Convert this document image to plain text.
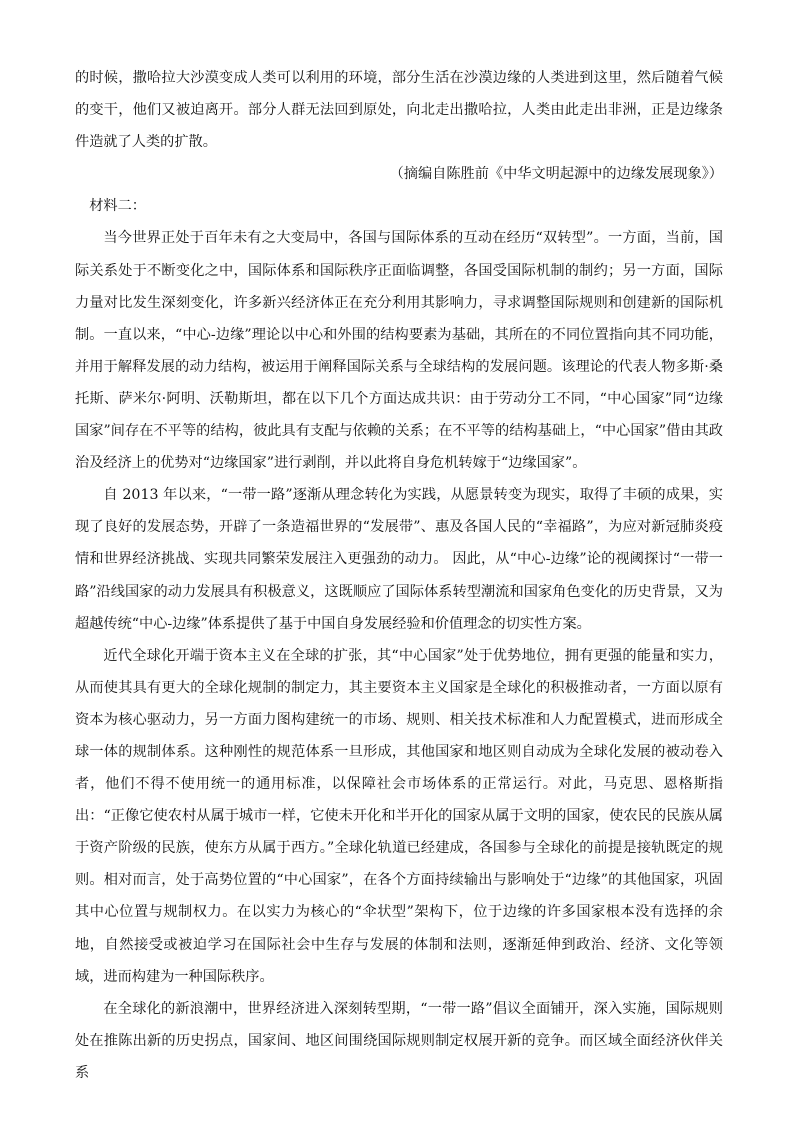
的时候，撒哈拉大沙漠变成人类可以利用的环境，部分生活在沙漠边缘的人类进到这里，然后随着气候的变干，他们又被迫离开。部分人群无法回到原处，向北走出撒哈拉，人类由此走出非洲，正是边缘条件造就了人类的扩散。

（摘编自陈胜前《中华文明起源中的边缘发展现象》）

材料二：

当今世界正处于百年未有之大变局中，各国与国际体系的互动在经历“双转型”。一方面，当前，国际关系处于不断变化之中，国际体系和国际秩序正面临调整，各国受国际机制的制约；另一方面，国际力量对比发生深刻变化，许多新兴经济体正在充分利用其影响力，寻求调整国际规则和创建新的国际机制。一直以来，“中心-边缘”理论以中心和外围的结构要素为基础，其所在的不同位置指向其不同功能，并用于解释发展的动力结构，被运用于阐释国际关系与全球结构的发展问题。该理论的代表人物多斯·桑托斯、萨米尔·阿明、沃勒斯坦，都在以下几个方面达成共识：由于劳动分工不同，“中心国家”同“边缘国家”间存在不平等的结构，彼此具有支配与依赖的关系；在不平等的结构基础上，“中心国家”借由其政治及经济上的优势对“边缘国家”进行剥削，并以此将自身危机转嫁于“边缘国家”。

自 2013 年以来，“一带一路”逐渐从理念转化为实践，从愿景转变为现实，取得了丰硕的成果，实现了良好的发展态势，开辟了一条造福世界的“发展带”、惠及各国人民的“幸福路”，为应对新冠肺炎疫情和世界经济挑战、实现共同繁荣发展注入更强劲的动力。 因此，从“中心-边缘”论的视阈探讨“一带一路”沿线国家的动力发展具有积极意义，这既顺应了国际体系转型潮流和国家角色变化的历史背景，又为超越传统“中心-边缘”体系提供了基于中国自身发展经验和价值理念的切实性方案。

近代全球化开端于资本主义在全球的扩张，其“中心国家”处于优势地位，拥有更强的能量和实力，从而使其具有更大的全球化规制的制定力，其主要资本主义国家是全球化的积极推动者，一方面以原有资本为核心驱动力，另一方面力图构建统一的市场、规则、相关技术标准和人力配置模式，进而形成全球一体的规制体系。这种刚性的规范体系一旦形成，其他国家和地区则自动成为全球化发展的被动卷入者，他们不得不使用统一的通用标准，以保障社会市场体系的正常运行。对此，马克思、恩格斯指出：“正像它使农村从属于城市一样，它使未开化和半开化的国家从属于文明的国家，使农民的民族从属于资产阶级的民族，使东方从属于西方。”全球化轨道已经建成，各国参与全球化的前提是接轨既定的规则。相对而言，处于高势位置的“中心国家”，在各个方面持续输出与影响处于“边缘”的其他国家，巩固其中心位置与规制权力。在以实力为核心的“伞状型”架构下，位于边缘的许多国家根本没有选择的余地，自然接受或被迫学习在国际社会中生存与发展的体制和法则，逐渐延伸到政治、经济、文化等领域，进而构建为一种国际秩序。

在全球化的新浪潮中，世界经济进入深刻转型期，“一带一路”倡议全面铺开，深入实施，国际规则处在推陈出新的历史拐点，国家间、地区间围绕国际规则制定权展开新的竞争。而区域全面经济伙伴关系
